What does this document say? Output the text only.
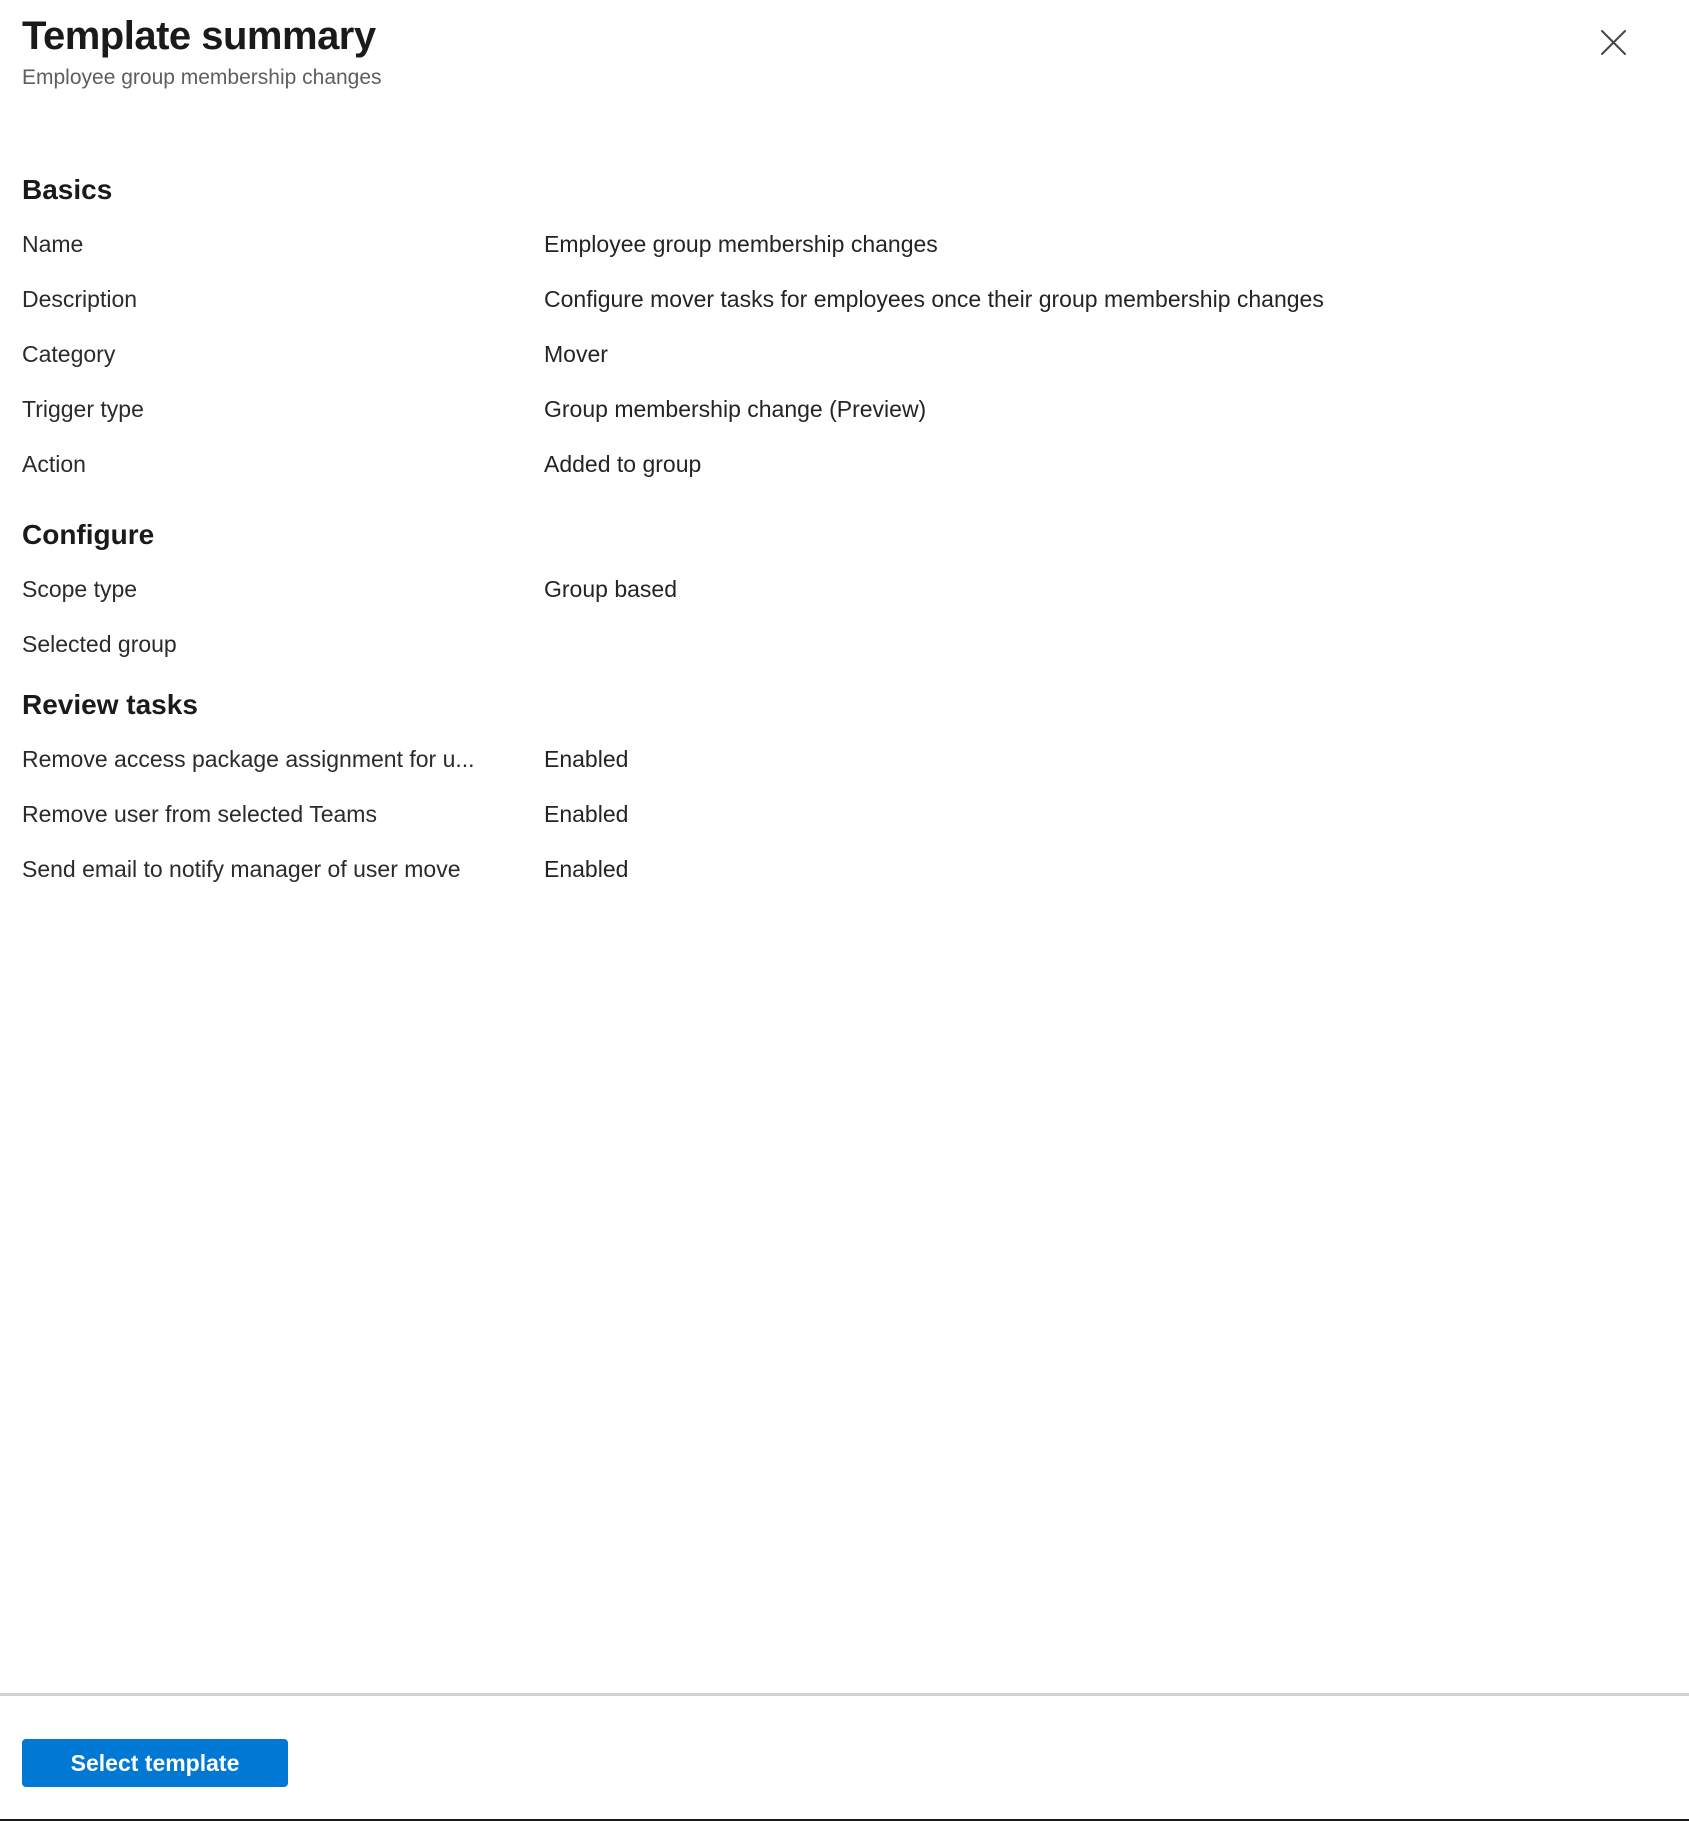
Template summary
Employee group membership changes
Basics
Name	Employee group membership changes
Description	Configure mover tasks for employees once their group membership changes
Category	Mover
Trigger type	Group membership change (Preview)
Action	Added to group
Configure
Scope type	Group based
Selected group
Review tasks
Remove access package assignment for u...	Enabled
Remove user from selected Teams	Enabled
Send email to notify manager of user move	Enabled
Select template
